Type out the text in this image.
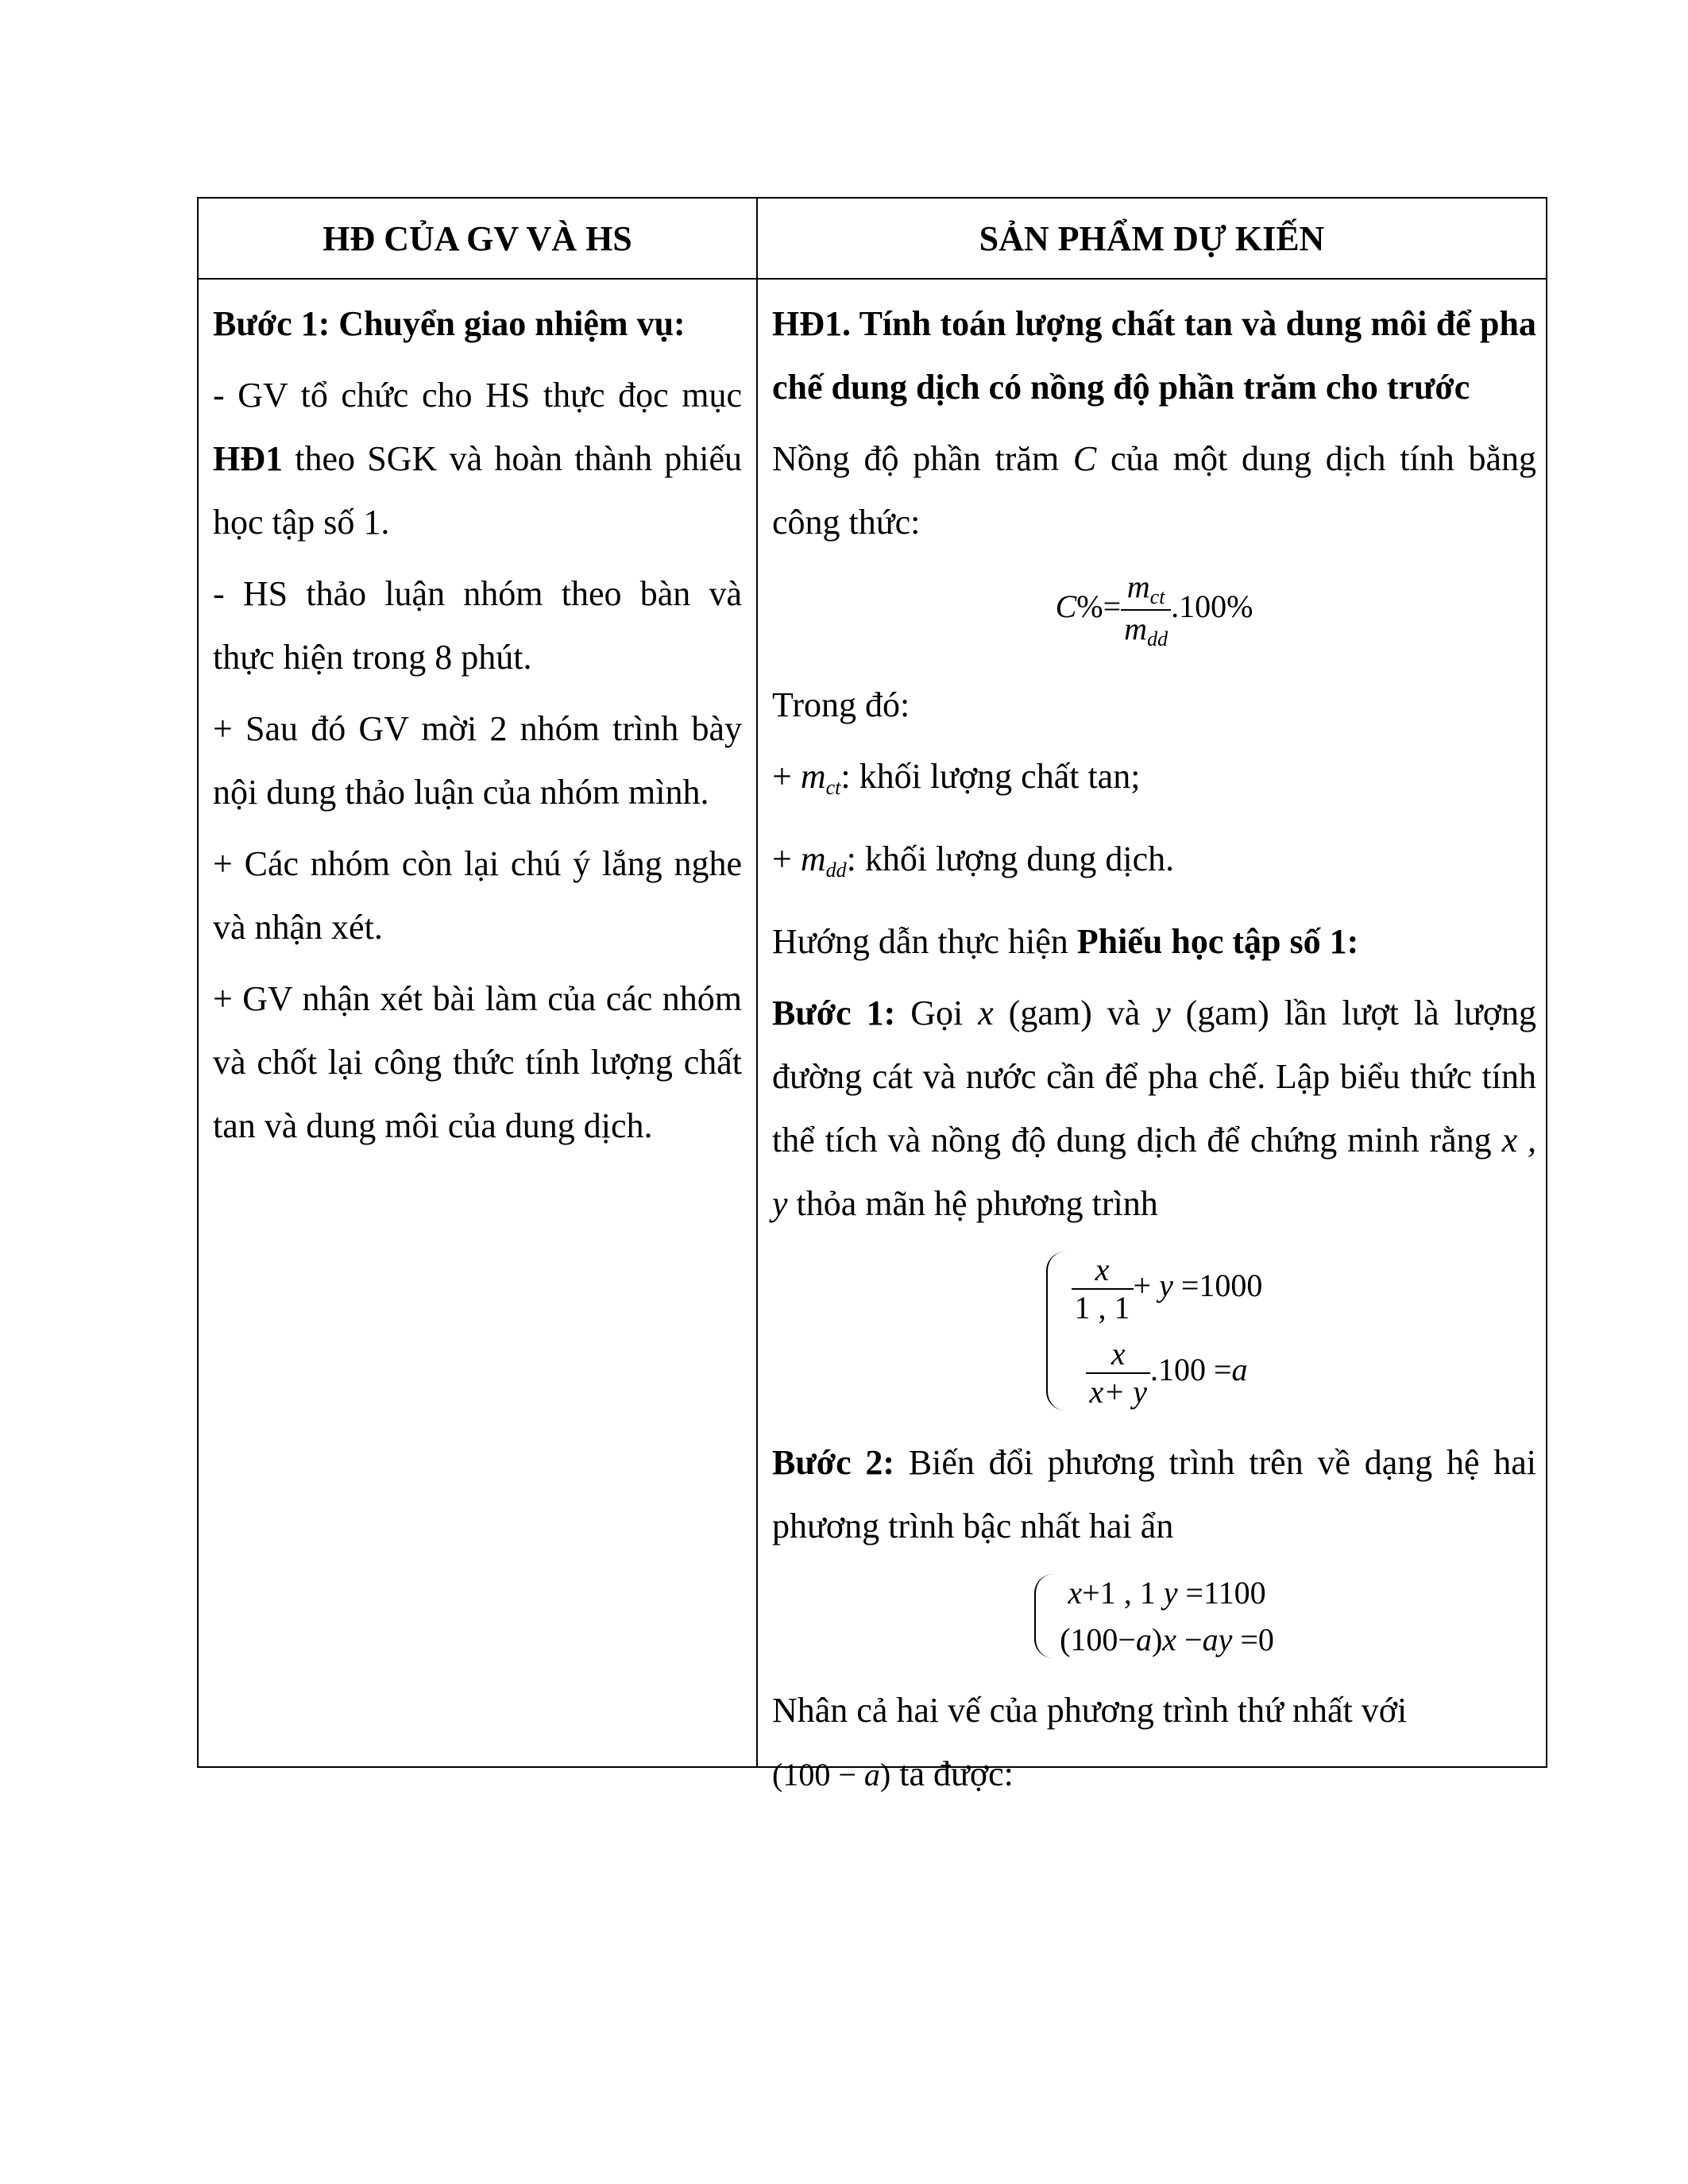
HĐ CỦA GV VÀ HS	SẢN PHẨM DỰ KIẾN

Bước 1: Chuyển giao nhiệm vụ:

- GV tổ chức cho HS thực đọc mục HĐ1 theo SGK và hoàn thành phiếu học tập số 1.

- HS thảo luận nhóm theo bàn và thực hiện trong 8 phút.

+ Sau đó GV mời 2 nhóm trình bày nội dung thảo luận của nhóm mình.

+ Các nhóm còn lại chú ý lắng nghe và nhận xét.

+ GV nhận xét bài làm của các nhóm và chốt lại công thức tính lượng chất tan và dung môi của dung dịch.

HĐ1. Tính toán lượng chất tan và dung môi để pha chế dung dịch có nồng độ phần trăm cho trước

Nồng độ phần trăm C của một dung dịch tính bằng công thức:

$C\%= \frac{m_{ct}}{m_{dd}} .100\%$

Trong đó:

+ $m_{ct}$: khối lượng chất tan;

+ $m_{dd}$: khối lượng dung dịch.

Hướng dẫn thực hiện Phiếu học tập số 1:

Bước 1: Gọi x (gam) và y (gam) lần lượt là lượng đường cát và nước cần để pha chế. Lập biểu thức tính thể tích và nồng độ dung dịch để chứng minh rằng x , y thỏa mãn hệ phương trình

$\frac{x}{1 , 1} + y =1000$
$\frac{x}{x+ y} .100 =a$

Bước 2: Biến đổi phương trình trên về dạng hệ hai phương trình bậc nhất hai ẩn

x+1 , 1 y =1100
(100−a)x −ay =0

Nhân cả hai vế của phương trình thứ nhất với
(100 − a) ta được:
